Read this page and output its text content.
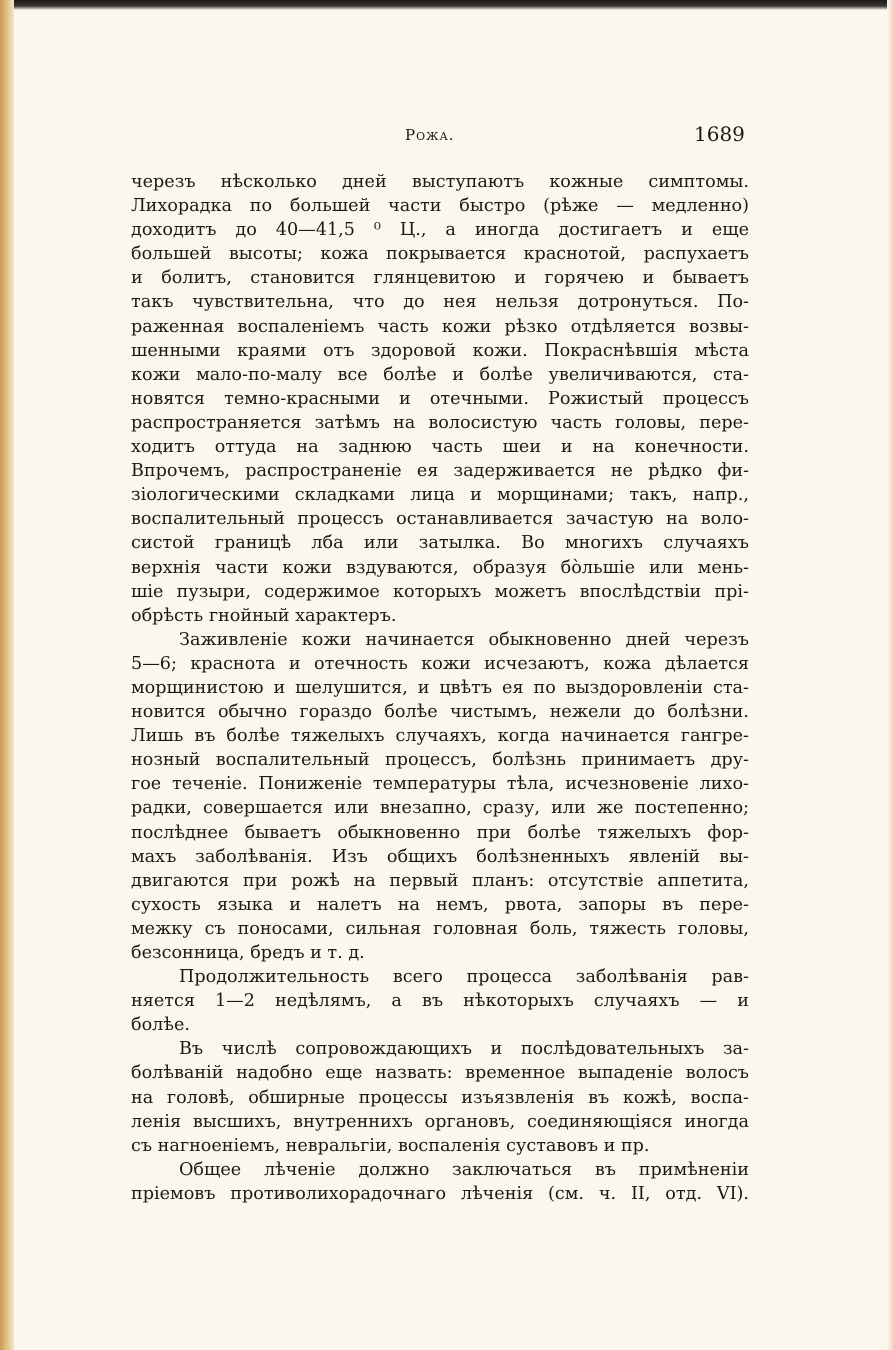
Рожа.	1689
черезъ нѣсколько дней выступаютъ кожные симптомы.
Лихорадка по большей части быстро (рѣже — медленно)
доходитъ до 40—41,5 ⁰ Ц., а иногда достигаетъ и еще
большей высоты; кожа покрывается краснотой, распухаетъ
и болитъ, становится глянцевитою и горячею и бываетъ
такъ чувствительна, что до нея нельзя дотронуться. По-
раженная воспаленіемъ часть кожи рѣзко отдѣляется возвы-
шенными краями отъ здоровой кожи. Покраснѣвшія мѣста
кожи мало-по-малу все болѣе и болѣе увеличиваются, ста-
новятся темно-красными и отечными. Рожистый процессъ
распространяется затѣмъ на волосистую часть головы, пере-
ходитъ оттуда на заднюю часть шеи и на конечности.
Впрочемъ, распространеніе ея задерживается не рѣдко фи-
зіологическими складками лица и морщинами; такъ, напр.,
воспалительный процессъ останавливается зачастую на воло-
систой границѣ лба или затылка. Во многихъ случаяхъ
верхнія части кожи вздуваются, образуя бо̀льшіе или мень-
шіе пузыри, содержимое которыхъ можетъ впослѣдствіи прі-
обрѣсть гнойный характеръ.
Заживленіе кожи начинается обыкновенно дней черезъ
5—6; краснота и отечность кожи исчезаютъ, кожа дѣлается
морщинистою и шелушится, и цвѣтъ ея по выздоровленіи ста-
новится обычно гораздо болѣе чистымъ, нежели до болѣзни.
Лишь въ болѣе тяжелыхъ случаяхъ, когда начинается гангре-
нозный воспалительный процессъ, болѣзнь принимаетъ дру-
гое теченіе. Пониженіе температуры тѣла, исчезновеніе лихо-
радки, совершается или внезапно, сразу, или же постепенно;
послѣднее бываетъ обыкновенно при болѣе тяжелыхъ фор-
махъ заболѣванія. Изъ общихъ болѣзненныхъ явленій вы-
двигаются при рожѣ на первый планъ: отсутствіе аппетита,
сухость языка и налетъ на немъ, рвота, запоры въ пере-
межку съ поносами, сильная головная боль, тяжесть головы,
безсонница, бредъ и т. д.
Продолжительность всего процесса заболѣванія рав-
няется 1—2 недѣлямъ, а въ нѣкоторыхъ случаяхъ — и
болѣе.
Въ числѣ сопровождающихъ и послѣдовательныхъ за-
болѣваній надобно еще назвать: временное выпаденіе волосъ
на головѣ, обширные процессы изъязвленія въ кожѣ, воспа-
ленія высшихъ, внутреннихъ органовъ, соединяющіяся иногда
съ нагноеніемъ, невральгіи, воспаленія суставовъ и пр.
Общее лѣченіе должно заключаться въ примѣненіи
пріемовъ противолихорадочнаго лѣченія (см. ч. II, отд. VI).
